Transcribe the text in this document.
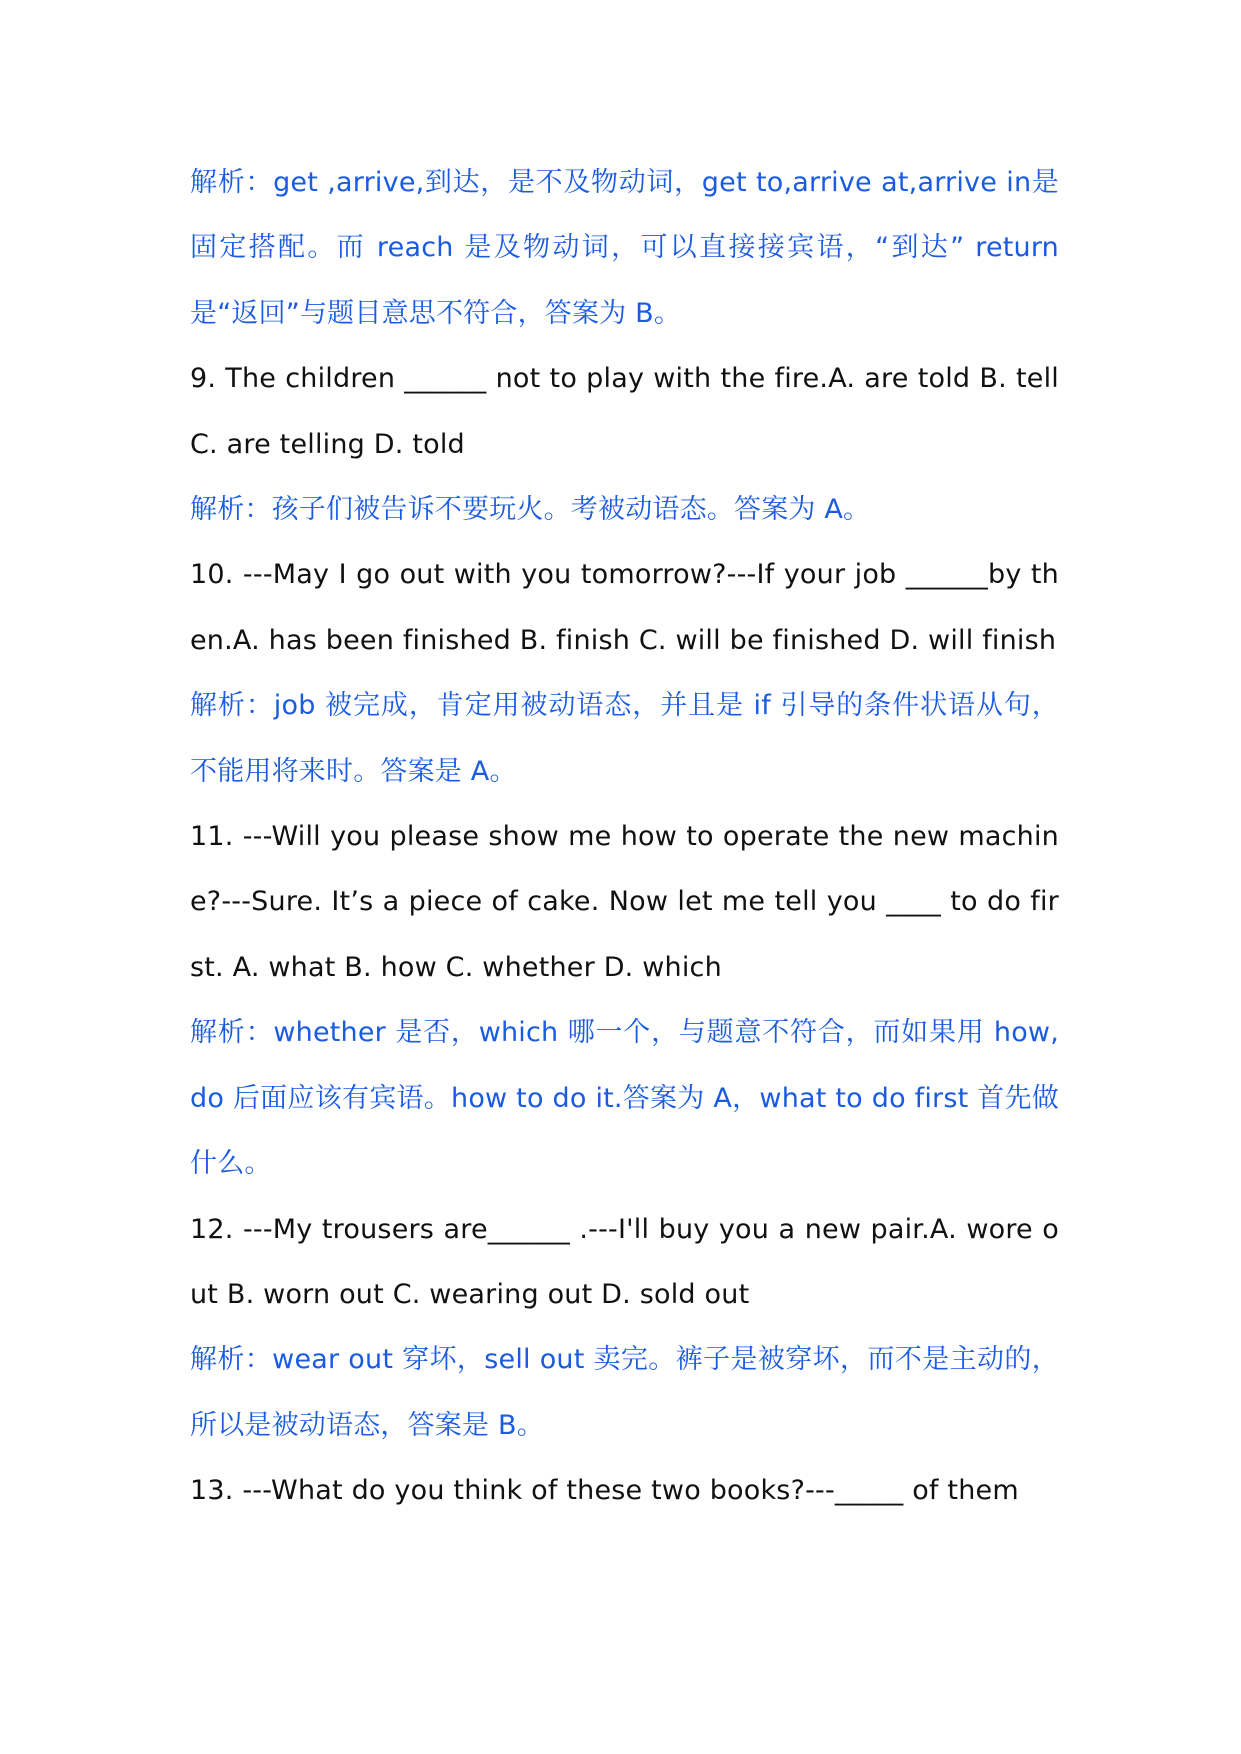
解析：get ,arrive,到达，是不及物动词，get to,arrive at,arrive in是固定搭配。而 reach 是及物动词，可以直接接宾语，“到达” return是“返回”与题目意思不符合，答案为 B。

9. The children ______ not to play with the fire.A. are told B. tell C. are telling D. told

解析：孩子们被告诉不要玩火。考被动语态。答案为 A。

10. ---May I go out with you tomorrow?---If your job ______by then.A. has been finished B. finish C. will be finished D. will finish

解析：job 被完成，肯定用被动语态，并且是 if 引导的条件状语从句，不能用将来时。答案是 A。

11. ---Will you please show me how to operate the new machine?---Sure. It’s a piece of cake. Now let me tell you ____ to do first. A. what B. how C. whether D. which

解析：whether 是否，which 哪一个，与题意不符合，而如果用 how,do 后面应该有宾语。how to do it.答案为 A，what to do first 首先做什么。

12. ---My trousers are______ .---I'll buy you a new pair.A. wore out B. worn out C. wearing out D. sold out

解析：wear out 穿坏，sell out 卖完。裤子是被穿坏，而不是主动的，所以是被动语态，答案是 B。

13. ---What do you think of these two books?---_____ of them
